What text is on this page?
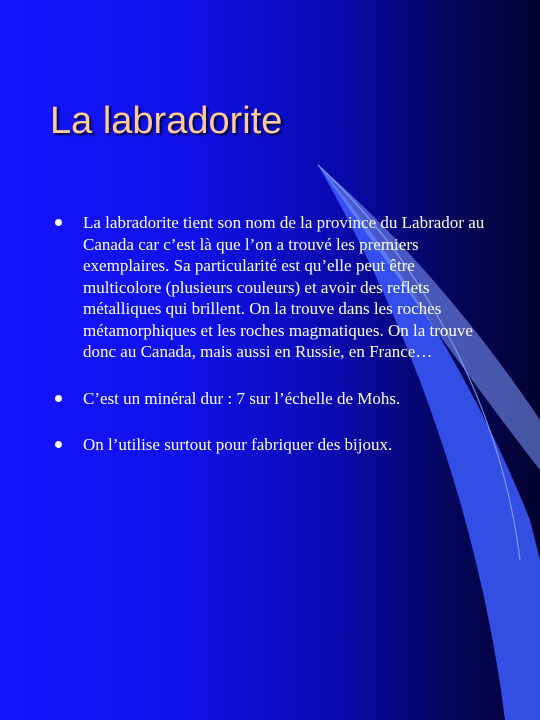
La labradorite
La labradorite tient son nom de la province du Labrador au Canada car c’est là que l’on a trouvé les premiers exemplaires. Sa particularité est qu’elle peut être multicolore (plusieurs couleurs) et avoir des reflets métalliques qui brillent. On la trouve dans les roches métamorphiques et les roches magmatiques. On la trouve donc au Canada, mais aussi en Russie, en France…
C’est un minéral dur : 7 sur l’échelle de Mohs.
On l’utilise surtout pour fabriquer des bijoux.
